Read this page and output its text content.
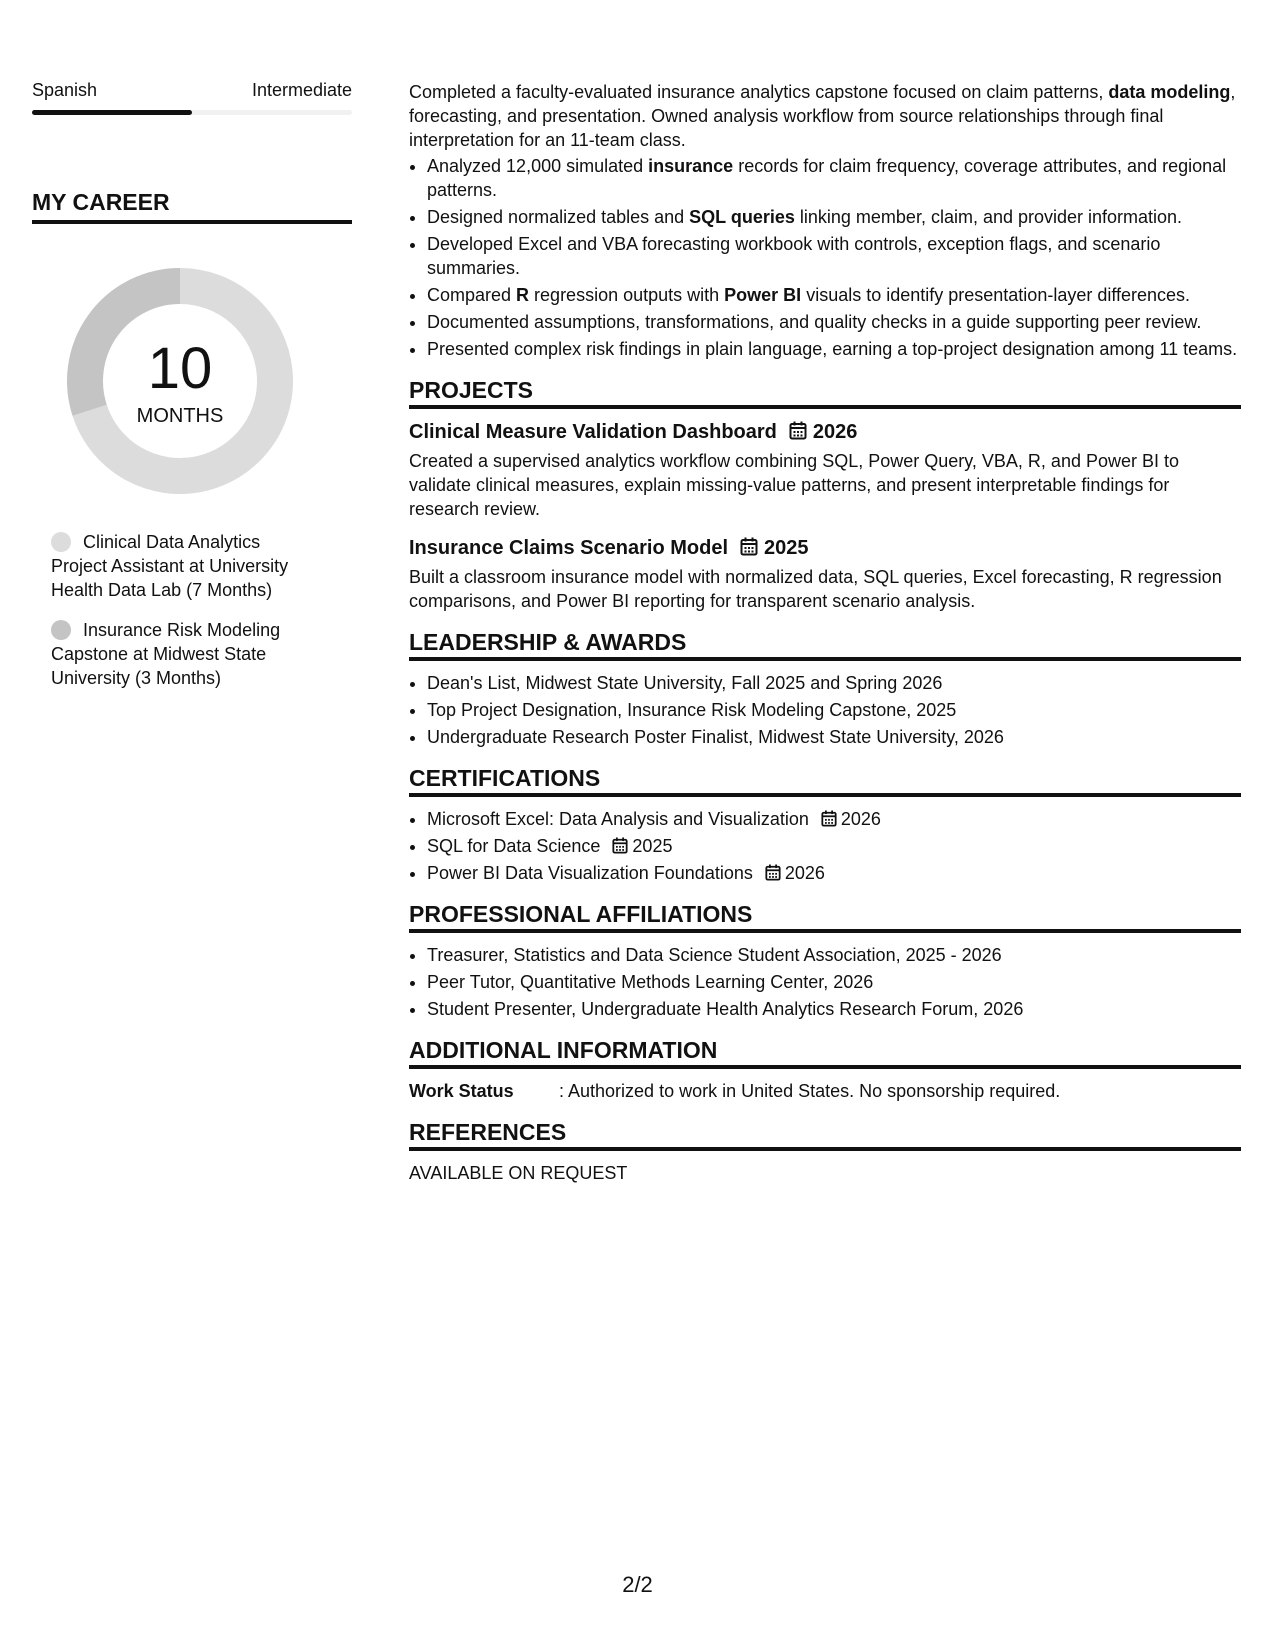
Spanish	Intermediate
MY CAREER
10
MONTHS
Clinical Data Analytics Project Assistant at University Health Data Lab (7 Months)
Insurance Risk Modeling Capstone at Midwest State University (3 Months)

Completed a faculty-evaluated insurance analytics capstone focused on claim patterns, data modeling, forecasting, and presentation. Owned analysis workflow from source relationships through final interpretation for an 11-team class.

• Analyzed 12,000 simulated insurance records for claim frequency, coverage attributes, and regional patterns.
• Designed normalized tables and SQL queries linking member, claim, and provider information.
• Developed Excel and VBA forecasting workbook with controls, exception flags, and scenario summaries.
• Compared R regression outputs with Power BI visuals to identify presentation-layer differences.
• Documented assumptions, transformations, and quality checks in a guide supporting peer review.
• Presented complex risk findings in plain language, earning a top-project designation among 11 teams.
PROJECTS
Clinical Measure Validation Dashboard 2026

Created a supervised analytics workflow combining SQL, Power Query, VBA, R, and Power BI to validate clinical measures, explain missing-value patterns, and present interpretable findings for research review.

Insurance Claims Scenario Model 2025

Built a classroom insurance model with normalized data, SQL queries, Excel forecasting, R regression comparisons, and Power BI reporting for transparent scenario analysis.

LEADERSHIP & AWARDS
• Dean's List, Midwest State University, Fall 2025 and Spring 2026
• Top Project Designation, Insurance Risk Modeling Capstone, 2025
• Undergraduate Research Poster Finalist, Midwest State University, 2026
CERTIFICATIONS
• Microsoft Excel: Data Analysis and Visualization 2026
• SQL for Data Science 2025
• Power BI Data Visualization Foundations 2026
PROFESSIONAL AFFILIATIONS
• Treasurer, Statistics and Data Science Student Association, 2025 - 2026
• Peer Tutor, Quantitative Methods Learning Center, 2026
• Student Presenter, Undergraduate Health Analytics Research Forum, 2026
ADDITIONAL INFORMATION
Work Status	: Authorized to work in United States. No sponsorship required.
REFERENCES
AVAILABLE ON REQUEST
2/2
